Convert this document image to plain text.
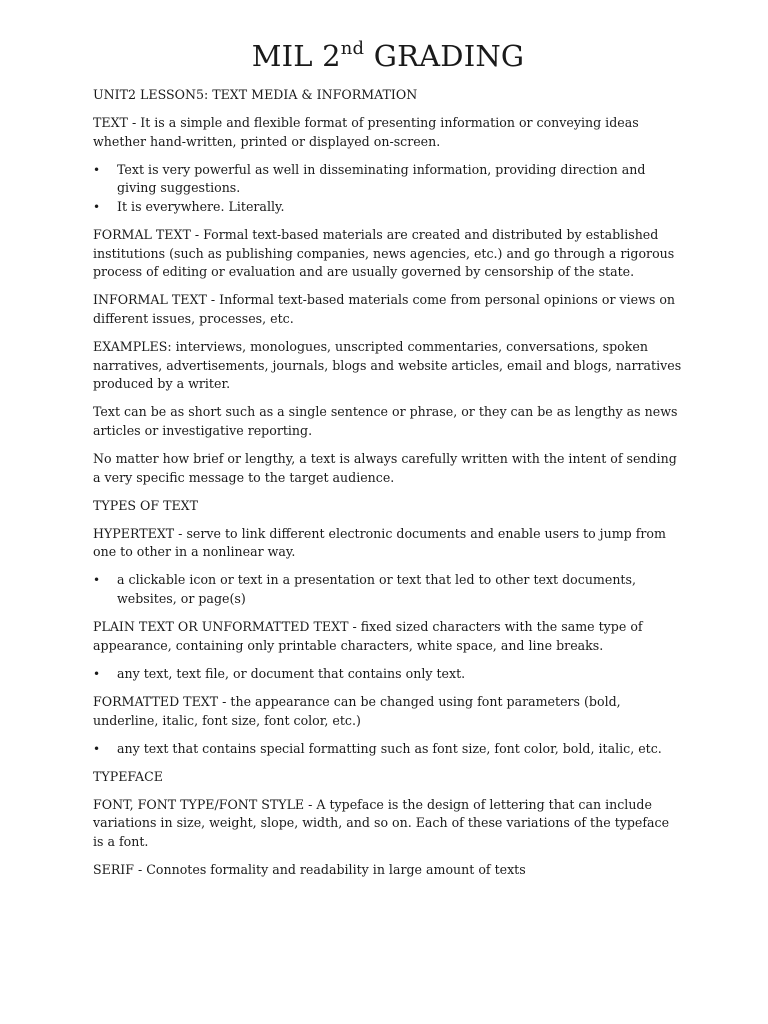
MIL 2nd GRADING

UNIT2 LESSON5: TEXT MEDIA & INFORMATION

TEXT - It is a simple and flexible format of presenting information or conveying ideas whether hand-written, printed or displayed on-screen.

• Text is very powerful as well in disseminating information, providing direction and giving suggestions.
• It is everywhere. Literally.

FORMAL TEXT - Formal text-based materials are created and distributed by established institutions (such as publishing companies, news agencies, etc.) and go through a rigorous process of editing or evaluation and are usually governed by censorship of the state.

INFORMAL TEXT - Informal text-based materials come from personal opinions or views on different issues, processes, etc.

EXAMPLES: interviews, monologues, unscripted commentaries, conversations, spoken narratives, advertisements, journals, blogs and website articles, email and blogs, narratives produced by a writer.

Text can be as short such as a single sentence or phrase, or they can be as lengthy as news articles or investigative reporting.

No matter how brief or lengthy, a text is always carefully written with the intent of sending a very specific message to the target audience.

TYPES OF TEXT

HYPERTEXT - serve to link different electronic documents and enable users to jump from one to other in a nonlinear way.

• a clickable icon or text in a presentation or text that led to other text documents, websites, or page(s)

PLAIN TEXT OR UNFORMATTED TEXT - fixed sized characters with the same type of appearance, containing only printable characters, white space, and line breaks.

• any text, text file, or document that contains only text.

FORMATTED TEXT - the appearance can be changed using font parameters (bold, underline, italic, font size, font color, etc.)

• any text that contains special formatting such as font size, font color, bold, italic, etc.

TYPEFACE

FONT, FONT TYPE/FONT STYLE - A typeface is the design of lettering that can include variations in size, weight, slope, width, and so on. Each of these variations of the typeface is a font.

SERIF - Connotes formality and readability in large amount of texts
